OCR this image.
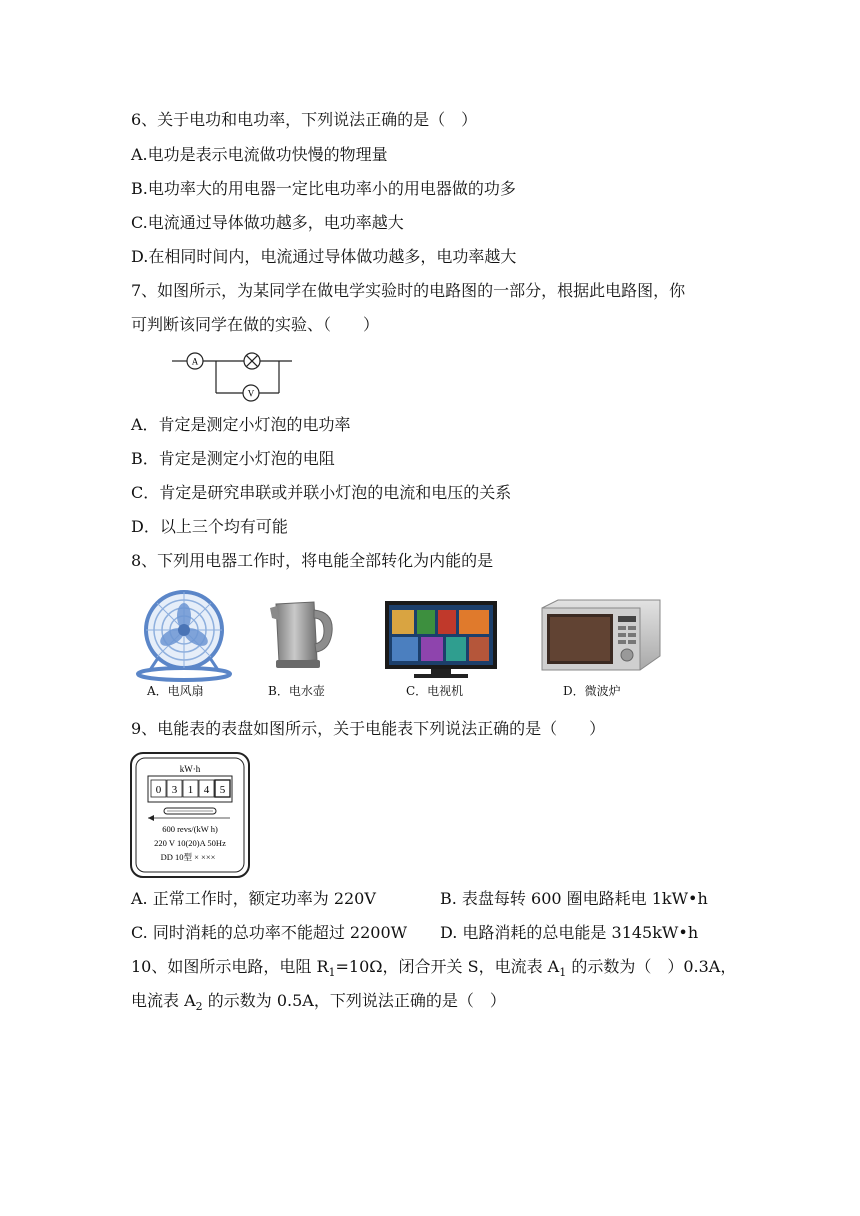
6、关于电功和电功率，下列说法正确的是（　）
A.电功是表示电流做功快慢的物理量
B.电功率大的用电器一定比电功率小的用电器做的功多
C.电流通过导体做功越多，电功率越大
D.在相同时间内，电流通过导体做功越多，电功率越大
7、如图所示，为某同学在做电学实验时的电路图的一部分，根据此电路图，你
可判断该同学在做的实验、（　　）
A
V
A．肯定是测定小灯泡的电功率
B．肯定是测定小灯泡的电阻
C．肯定是研究串联或并联小灯泡的电流和电压的关系
D．以上三个均有可能
8、下列用电器工作时，将电能全部转化为内能的是
A．电风扇	B．电水壶	C．电视机	D．微波炉
9、电能表的表盘如图所示，关于电能表下列说法正确的是（　　）
kW·h
0 3 1 4 5
600 revs/(kW h)
220 V 10(20)A 50Hz
DD 10型 × ×××
A. 正常工作时，额定功率为 220V	B. 表盘每转 600 圈电路耗电 1kW•h
C. 同时消耗的总功率不能超过 2200W D. 电路消耗的总电能是 3145kW•h
10、如图所示电路，电阻 $R_1=10\Omega$，闭合开关 S，电流表 $A_1$ 的示数为（　）0.3A，
电流表 $A_2$ 的示数为 0.5A，下列说法正确的是（　）
